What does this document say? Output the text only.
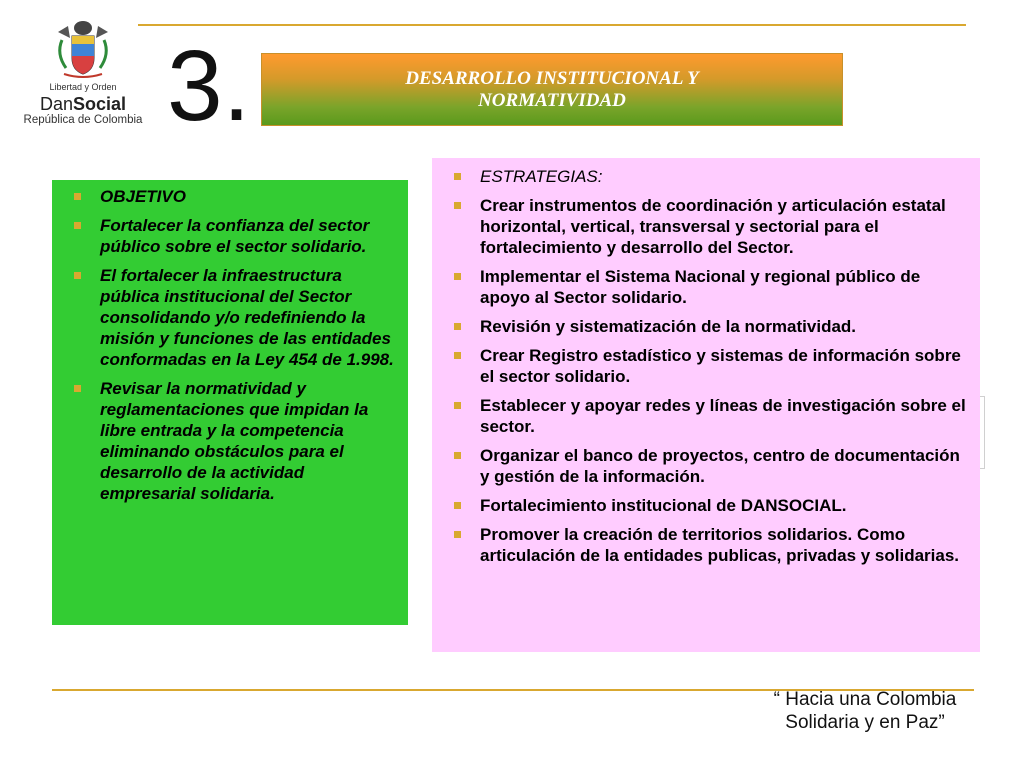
Libertad y Orden
DanSocial
República de Colombia 3.	DESARROLLO INSTITUCIONAL Y NORMATIVIDAD
OBJETIVO
Fortalecer la confianza del sector público sobre el sector solidario.
El fortalecer la infraestructura pública institucional del Sector consolidando y/o redefiniendo la misión y funciones de las entidades conformadas en la Ley 454 de 1.998.
Revisar la normatividad y reglamentaciones que impidan la libre entrada y la competencia eliminando obstáculos para el desarrollo de la actividad empresarial solidaria.
ESTRATEGIAS:
Crear instrumentos de coordinación y articulación estatal horizontal, vertical, transversal y sectorial para el fortalecimiento y desarrollo del Sector.
Implementar el Sistema Nacional y regional público de apoyo al Sector solidario.
Revisión y sistematización de la normatividad.
Crear Registro estadístico y sistemas de información sobre el sector solidario.
Establecer y apoyar redes y líneas de investigación sobre el sector.
Organizar el banco de proyectos, centro de documentación y gestión de la información.
Fortalecimiento institucional de DANSOCIAL.
Promover la creación de territorios solidarios. Como articulación de la entidades publicas, privadas y solidarias.
“ Hacia una Colombia
Solidaria y en Paz”
